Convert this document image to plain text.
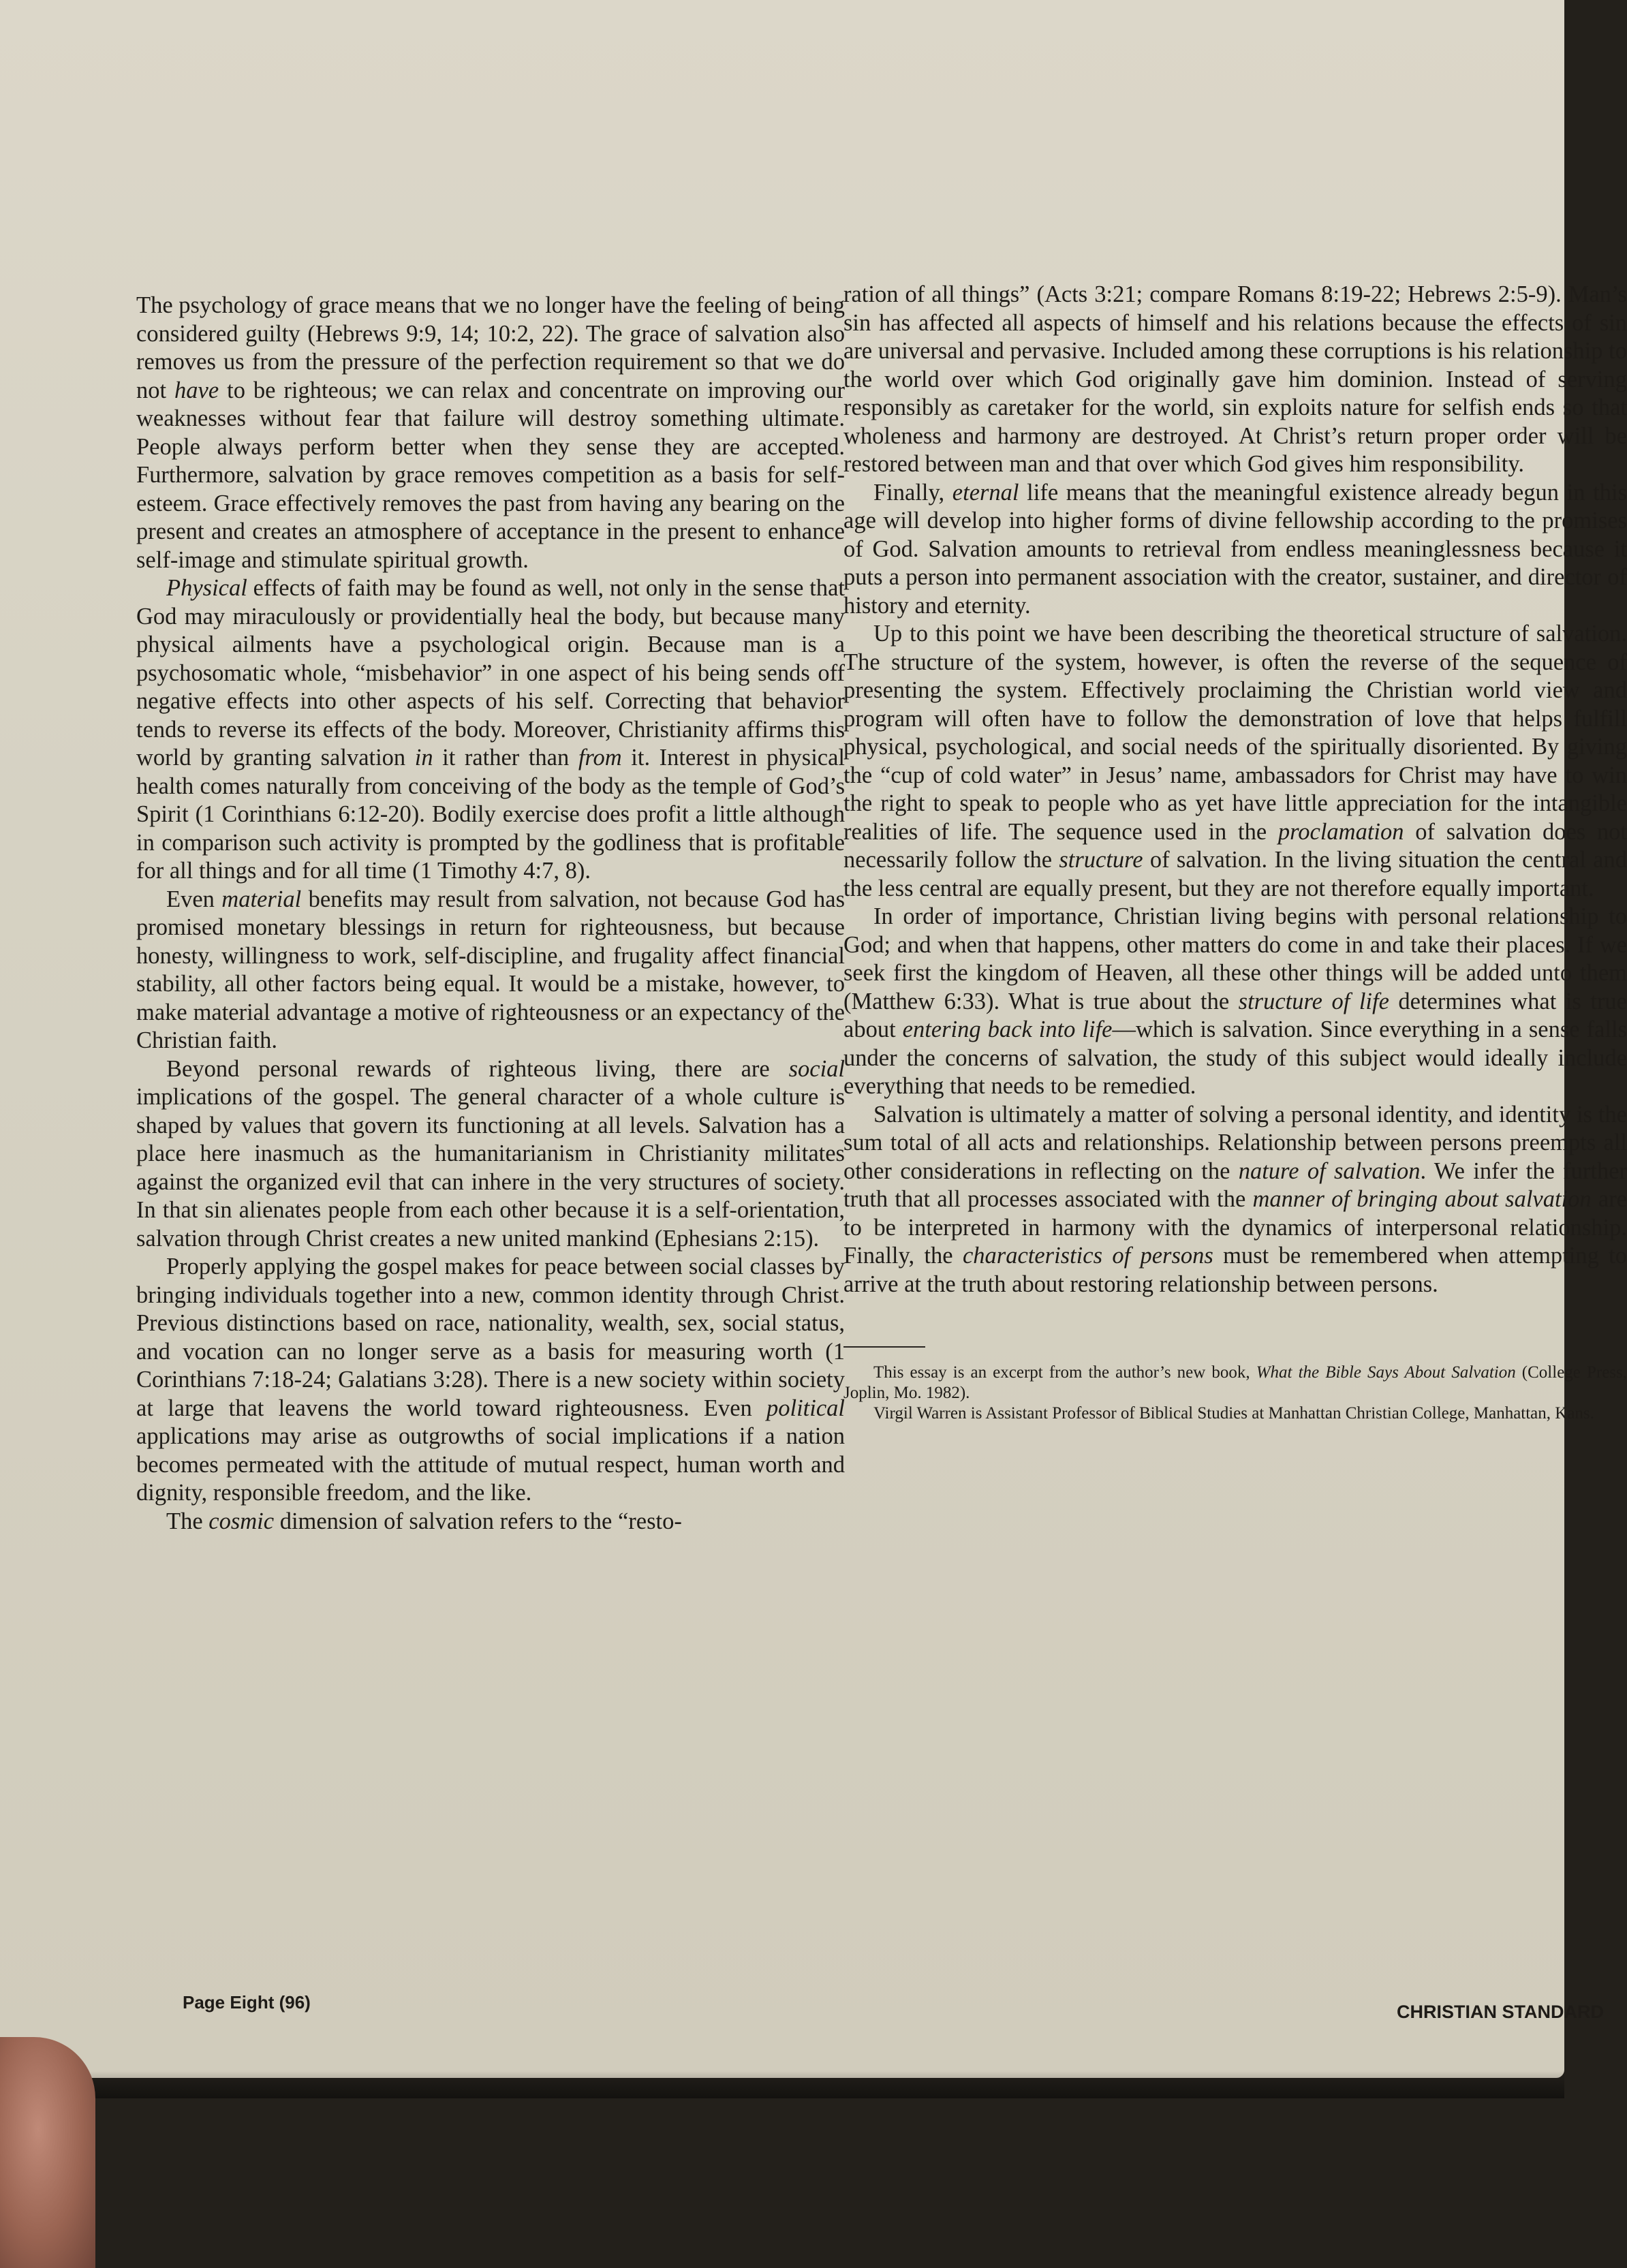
The psychology of grace means that we no longer have the feeling of being considered guilty (Hebrews 9:9, 14; 10:2, 22). The grace of salvation also removes us from the pressure of the perfection requirement so that we do not have to be righteous; we can relax and concentrate on improving our weaknesses without fear that failure will destroy something ultimate. People always perform better when they sense they are accepted. Furthermore, salvation by grace removes competition as a basis for self-esteem. Grace effectively removes the past from having any bearing on the present and creates an atmosphere of acceptance in the present to enhance self-image and stimulate spiritual growth.

Physical effects of faith may be found as well, not only in the sense that God may miraculously or providentially heal the body, but because many physical ailments have a psychological origin. Because man is a psychosomatic whole, “misbehavior” in one aspect of his being sends off negative effects into other aspects of his self. Correcting that behavior tends to reverse its effects of the body. Moreover, Christianity affirms this world by granting salvation in it rather than from it. Interest in physical health comes naturally from conceiving of the body as the temple of God’s Spirit (1 Corinthians 6:12-20). Bodily exercise does profit a little although in comparison such activity is prompted by the godliness that is profitable for all things and for all time (1 Timothy 4:7, 8).

Even material benefits may result from salvation, not because God has promised monetary blessings in return for righteousness, but because honesty, willingness to work, self-discipline, and frugality affect financial stability, all other factors being equal. It would be a mistake, however, to make material advantage a motive of righteousness or an expectancy of the Christian faith.

Beyond personal rewards of righteous living, there are social implications of the gospel. The general character of a whole culture is shaped by values that govern its functioning at all levels. Salvation has a place here inasmuch as the humanitarianism in Christianity militates against the organized evil that can inhere in the very structures of society. In that sin alienates people from each other because it is a self-orientation, salvation through Christ creates a new united mankind (Ephesians 2:15).

Properly applying the gospel makes for peace between social classes by bringing individuals together into a new, common identity through Christ. Previous distinctions based on race, nationality, wealth, sex, social status, and vocation can no longer serve as a basis for measuring worth (1 Corinthians 7:18-24; Galatians 3:28). There is a new society within society at large that leavens the world toward righteousness. Even political applications may arise as outgrowths of social implications if a nation becomes permeated with the attitude of mutual respect, human worth and dignity, responsible freedom, and the like.

The cosmic dimension of salvation refers to the “resto-

ration of all things” (Acts 3:21; compare Romans 8:19-22; Hebrews 2:5-9). Man’s sin has affected all aspects of himself and his relations because the effects of sin are universal and pervasive. Included among these corruptions is his relationship to the world over which God originally gave him dominion. Instead of serving responsibly as caretaker for the world, sin exploits nature for selfish ends so that wholeness and harmony are destroyed. At Christ’s return proper order will be restored between man and that over which God gives him responsibility.

Finally, eternal life means that the meaningful existence already begun in this age will develop into higher forms of divine fellowship according to the promises of God. Salvation amounts to retrieval from endless meaninglessness because it puts a person into permanent association with the creator, sustainer, and director of history and eternity.

Up to this point we have been describing the theoretical structure of salvation. The structure of the system, however, is often the reverse of the sequence of presenting the system. Effectively proclaiming the Christian world view and program will often have to follow the demonstration of love that helps fulfill physical, psychological, and social needs of the spiritually disoriented. By giving the “cup of cold water” in Jesus’ name, ambassadors for Christ may have to win the right to speak to people who as yet have little appreciation for the intangible realities of life. The sequence used in the proclamation of salvation does not necessarily follow the structure of salvation. In the living situation the central and the less central are equally present, but they are not therefore equally important.

In order of importance, Christian living begins with personal relationship to God; and when that happens, other matters do come in and take their places. If we seek first the kingdom of Heaven, all these other things will be added unto them (Matthew 6:33). What is true about the structure of life determines what is true about entering back into life—which is salvation. Since everything in a sense falls under the concerns of salvation, the study of this subject would ideally include everything that needs to be remedied.

Salvation is ultimately a matter of solving a personal identity, and identity is the sum total of all acts and relationships. Relationship between persons preempts all other considerations in reflecting on the nature of salvation. We infer the further truth that all processes associated with the manner of bringing about salvation are to be interpreted in harmony with the dynamics of interpersonal relationship. Finally, the characteristics of persons must be remembered when attempting to arrive at the truth about restoring relationship between persons.

This essay is an excerpt from the author’s new book, What the Bible Says About Salvation (College Press, Joplin, Mo. 1982).

Virgil Warren is Assistant Professor of Biblical Studies at Manhattan Christian College, Manhattan, Kans.

Page Eight (96)	CHRISTIAN STANDARD
